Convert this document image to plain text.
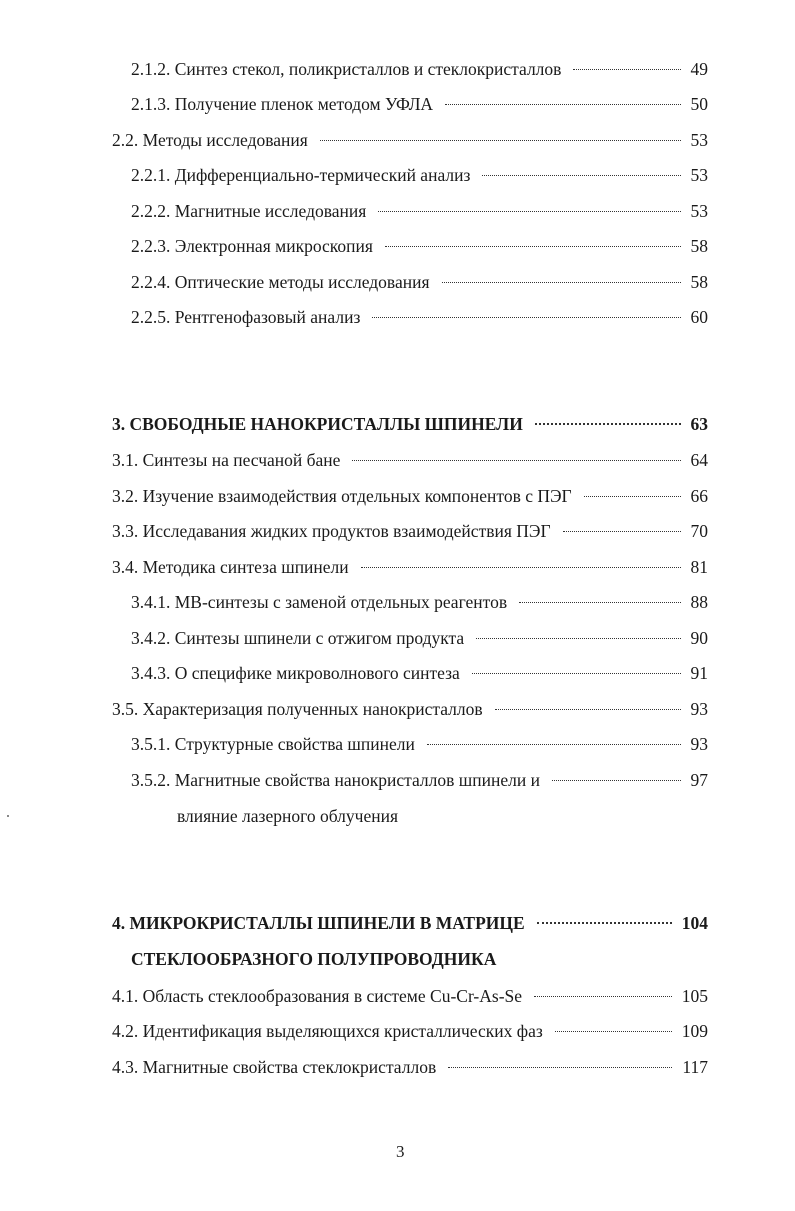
2.1.2. Синтез стекол, поликристаллов и стеклокристаллов	49
2.1.3. Получение пленок методом УФЛА	50
2.2. Методы исследования	53
2.2.1. Дифференциально-термический анализ	53
2.2.2. Магнитные исследования	53
2.2.3. Электронная микроскопия	58
2.2.4. Оптические методы исследования	58
2.2.5. Рентгенофазовый анализ	60
3. СВОБОДНЫЕ НАНОКРИСТАЛЛЫ ШПИНЕЛИ	63
3.1. Синтезы на песчаной бане	64
3.2. Изучение взаимодействия отдельных компонентов с ПЭГ	66
3.3. Исследавания жидких продуктов взаимодействия ПЭГ	70
3.4. Методика синтеза шпинели	81
3.4.1. МВ-синтезы с заменой отдельных реагентов	88
3.4.2. Синтезы шпинели с отжигом продукта	90
3.4.3. О специфике микроволнового синтеза	91
3.5. Характеризация полученных нанокристаллов	93
3.5.1. Структурные свойства шпинели	93
3.5.2. Магнитные свойства нанокристаллов шпинели и	97
влияние лазерного облучения
4. МИКРОКРИСТАЛЛЫ ШПИНЕЛИ В МАТРИЦЕ	104
СТЕКЛООБРАЗНОГО ПОЛУПРОВОДНИКА
4.1. Область стеклообразования в системе Cu-Cr-As-Se	105
4.2. Идентификация выделяющихся кристаллических фаз	109
4.3. Магнитные свойства стеклокристаллов	117
3
